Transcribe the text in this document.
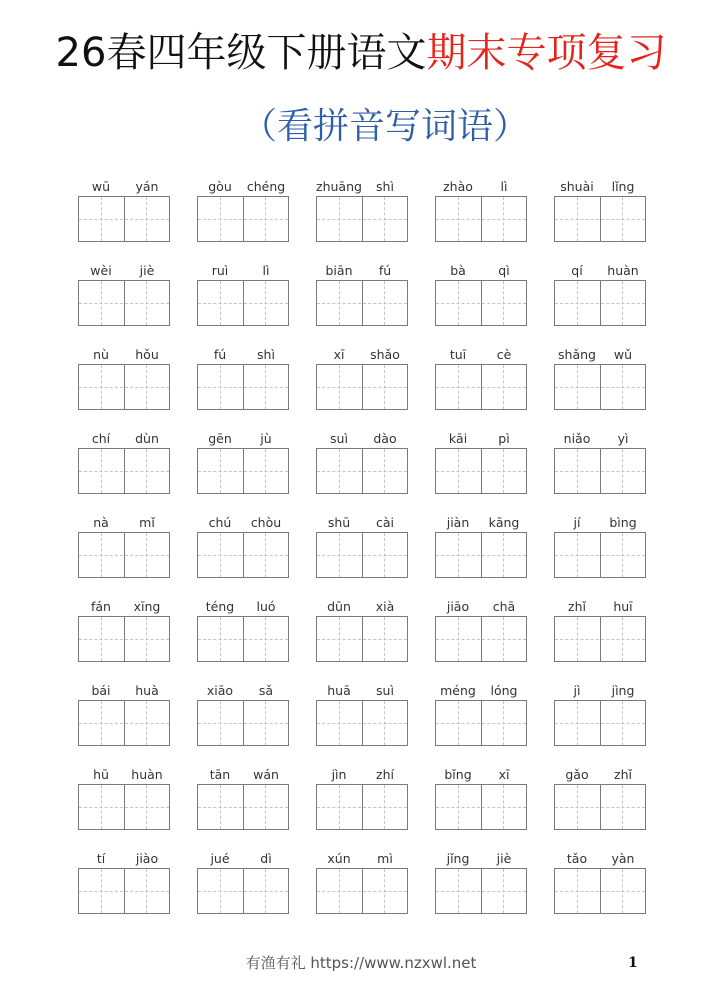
26春四年级下册语文期末专项复习
（看拼音写词语）
wū	yán	gòu	chéng	zhuāng	shì	zhào	lì	shuài	lǐng
wèi	jiè	ruì	lì	biān	fú	bà	qì	qí	huàn
nù	hǒu	fú	shì	xī	shǎo	tuī	cè	shǎng	wǔ
chí	dùn	gēn	jù	suì	dào	kāi	pì	niǎo	yì
nà	mǐ	chú	chòu	shū	cài	jiàn	kāng	jí	bìng
fán	xīng	téng	luó	dūn	xià	jiāo	chā	zhǐ	huī
bái	huà	xiāo	sǎ	huā	suì	méng	lóng	jì	jìng
hū	huàn	tān	wán	jìn	zhí	bǐng	xī	gǎo	zhǐ
tí	jiào	jué	dì	xún	mì	jǐng	jiè	tǎo	yàn
有渔有礼 https://www.nzxwl.net	1
